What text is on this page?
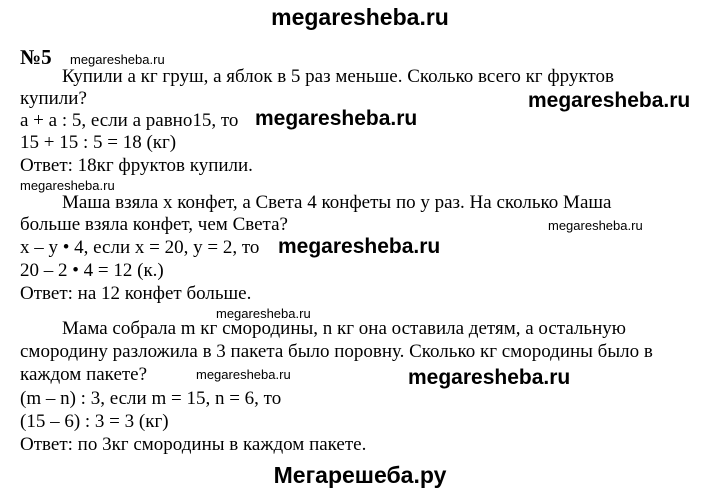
megaresheba.ru
№5 megaresheba.ru
Купили a кг груш, а яблок в 5 раз меньше. Сколько всего кг фруктов
купили?	megaresheba.ru
a + a : 5, если a равно15, то megaresheba.ru
15 + 15 : 5 = 18 (кг)
Ответ: 18кг фруктов купили.
megaresheba.ru
Маша взяла x конфет, а Света 4 конфеты по y раз. На сколько Маша
больше взяла конфет, чем Света?	megaresheba.ru
x – y • 4, если x = 20, y = 2, то megaresheba.ru
20 – 2 • 4 = 12 (к.)
Ответ: на 12 конфет больше.
megaresheba.ru
Мама собрала m кг смородины, n кг она оставила детям, а остальную
смородину разложила в 3 пакета было поровну. Сколько кг смородины было в
каждом пакете?	megaresheba.ru	megaresheba.ru
(m – n) : 3, если m = 15, n = 6, то
(15 – 6) : 3 = 3 (кг)
Ответ: по 3кг смородины в каждом пакете.
Мегарешеба.ру
